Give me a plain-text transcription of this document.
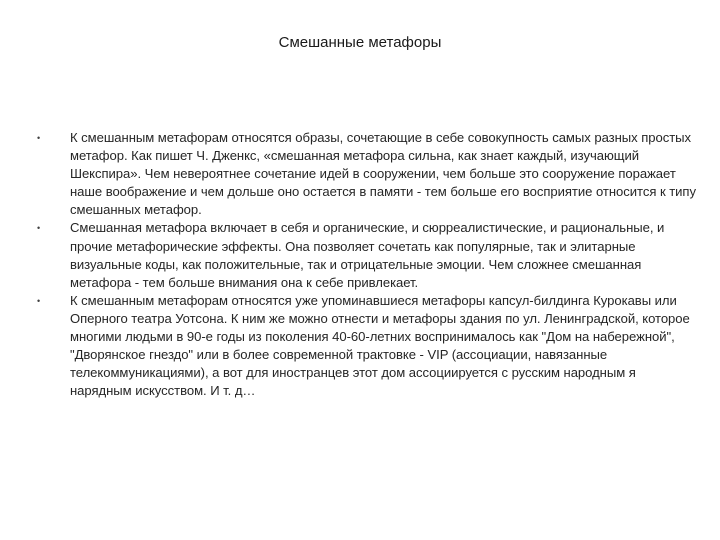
Смешанные метафоры
•	К смешанным метафорам относятся образы, сочетающие в себе совокупность самых разных простых метафор. Как пишет Ч. Дженкс, «смешанная метафора сильна, как знает каждый, изучающий Шекспира». Чем невероятнее сочетание идей в сооружении, чем больше это сооружение поражает наше воображение и чем дольше оно остается в памяти - тем больше его восприятие относится к типу смешанных метафор.
•	Смешанная метафора включает в себя и органические, и сюрреалистические, и рациональные, и прочие метафорические эффекты. Она позволяет сочетать как популярные, так и элитарные визуальные коды, как положительные, так и отрицательные эмоции. Чем сложнее смешанная метафора - тем больше внимания она к себе привлекает.
•	К смешанным метафорам относятся уже упоминавшиеся метафоры капсул-билдинга Курокавы или Оперного театра Уотсона. К ним же можно отнести и метафоры здания по ул. Ленинградской, которое многими людьми в 90-е годы из поколения 40-60-летних воспринималось как "Дом на набережной", "Дворянское гнездо" или в более современной трактовке - VIP (ассоциации, навязанные телекоммуникациями), а вот для иностранцев этот дом ассоциируется с русским народным я нарядным искусством. И т. д…
